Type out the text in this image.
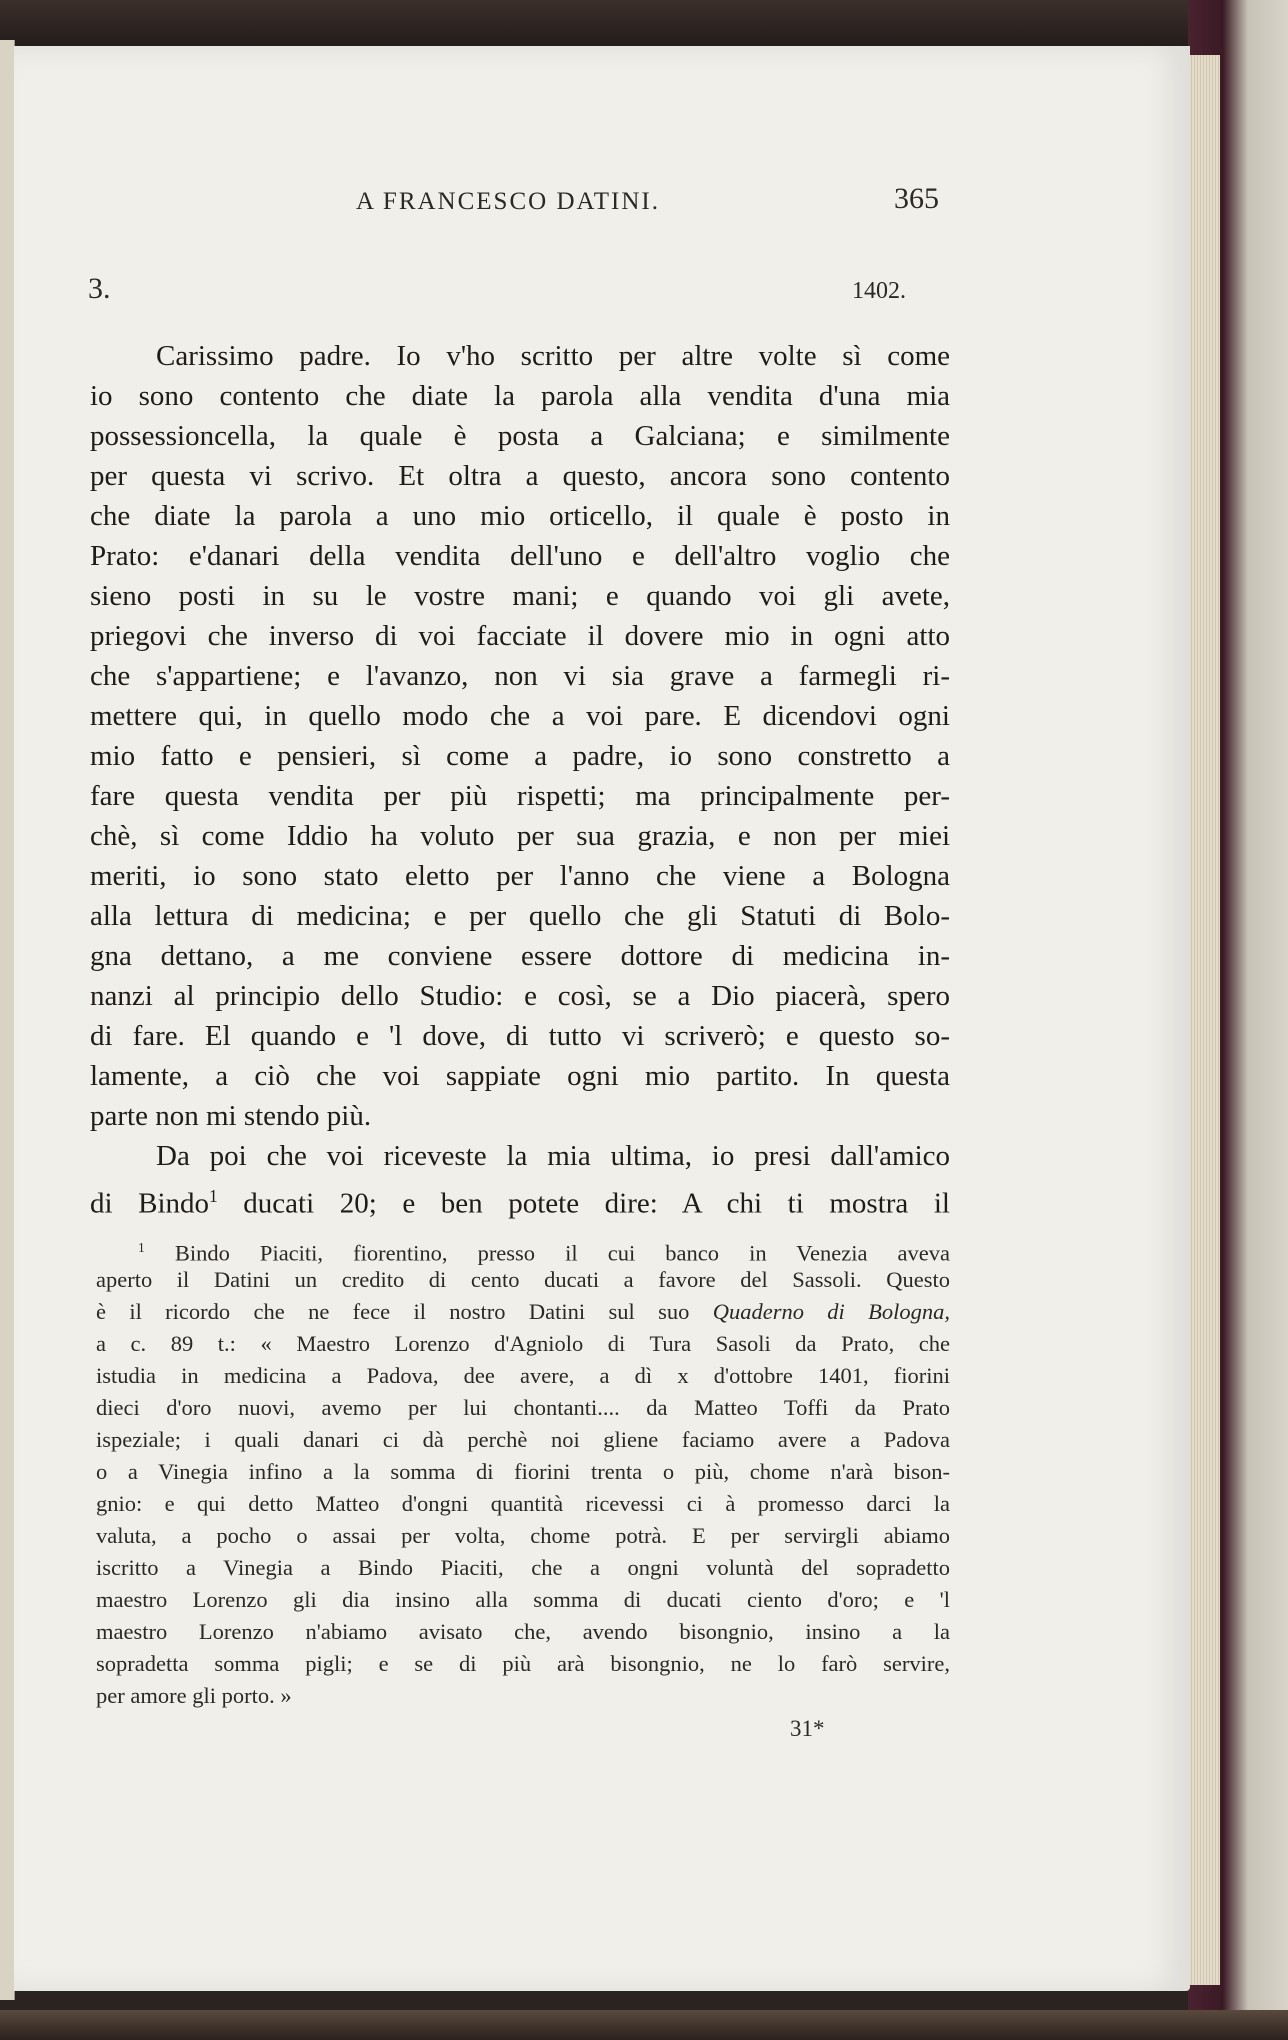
A FRANCESCO DATINI.	365
3.	1402.
Carissimo padre. Io v'ho scritto per altre volte sì come
io sono contento che diate la parola alla vendita d'una mia
possessioncella, la quale è posta a Galciana; e similmente
per questa vi scrivo. Et oltra a questo, ancora sono contento
che diate la parola a uno mio orticello, il quale è posto in
Prato: e'danari della vendita dell'uno e dell'altro voglio che
sieno posti in su le vostre mani; e quando voi gli avete,
priegovi che inverso di voi facciate il dovere mio in ogni atto
che s'appartiene; e l'avanzo, non vi sia grave a farmegli ri-
mettere qui, in quello modo che a voi pare. E dicendovi ogni
mio fatto e pensieri, sì come a padre, io sono constretto a
fare questa vendita per più rispetti; ma principalmente per-
chè, sì come Iddio ha voluto per sua grazia, e non per miei
meriti, io sono stato eletto per l'anno che viene a Bologna
alla lettura di medicina; e per quello che gli Statuti di Bolo-
gna dettano, a me conviene essere dottore di medicina in-
nanzi al principio dello Studio: e così, se a Dio piacerà, spero
di fare. El quando e 'l dove, di tutto vi scriverò; e questo so-
lamente, a ciò che voi sappiate ogni mio partito. In questa
parte non mi stendo più.
Da poi che voi riceveste la mia ultima, io presi dall'amico
di Bindo$^1$ ducati 20; e ben potete dire: A chi ti mostra il
$^1$ Bindo Piaciti, fiorentino, presso il cui banco in Venezia aveva
aperto il Datini un credito di cento ducati a favore del Sassoli. Questo
è il ricordo che ne fece il nostro Datini sul suo Quaderno di Bologna,
a c. 89 t.: « Maestro Lorenzo d'Agniolo di Tura Sasoli da Prato, che
istudia in medicina a Padova, dee avere, a dì x d'ottobre 1401, fiorini
dieci d'oro nuovi, avemo per lui chontanti.... da Matteo Toffi da Prato
ispeziale; i quali danari ci dà perchè noi gliene faciamo avere a Padova
o a Vinegia infino a la somma di fiorini trenta o più, chome n'arà bison-
gnio: e qui detto Matteo d'ongni quantità ricevessi ci à promesso darci la
valuta, a pocho o assai per volta, chome potrà. E per servirgli abiamo
iscritto a Vinegia a Bindo Piaciti, che a ongni voluntà del sopradetto
maestro Lorenzo gli dia insino alla somma di ducati ciento d'oro; e 'l
maestro Lorenzo n'abiamo avisato che, avendo bisongnio, insino a la
sopradetta somma pigli; e se di più arà bisongnio, ne lo farò servire,
per amore gli porto. »
31*
